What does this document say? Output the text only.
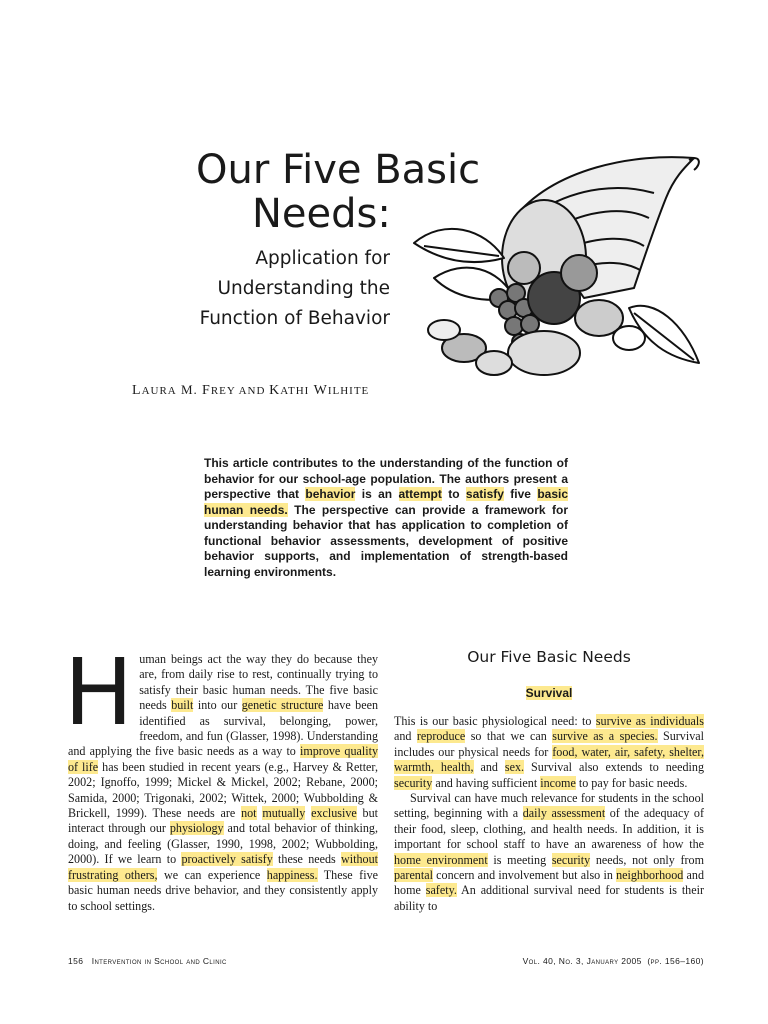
Our Five Basic
Needs:
Application for
Understanding the
Function of Behavior
LAURA M. FREY AND KATHI WILHITE
This article contributes to the understanding of the function of behavior for our school-age population. The authors present a perspective that behavior is an attempt to satisfy five basic human needs. The perspective can provide a framework for understanding behavior that has application to completion of functional behavior assessments, development of positive behavior supports, and implementation of strength-based learning environments.

Human beings act the way they do because they are, from daily rise to rest, continually trying to satisfy their basic human needs. The five basic needs built into our genetic structure have been identified as survival, belonging, power, freedom, and fun (Glasser, 1998). Understanding and applying the five basic needs as a way to improve quality of life has been studied in recent years (e.g., Harvey & Retter, 2002; Ignoffo, 1999; Mickel & Mickel, 2002; Rebane, 2000; Samida, 2000; Trigonaki, 2002; Wittek, 2000; Wubbolding & Brickell, 1999). These needs are not mutually exclusive but interact through our physiology and total behavior of thinking, doing, and feeling (Glasser, 1990, 1998, 2002; Wubbolding, 2000). If we learn to proactively satisfy these needs without frustrating others, we can experience happiness. These five basic human needs drive behavior, and they consistently apply to school settings.

Our Five Basic Needs
Survival

This is our basic physiological need: to survive as individuals and reproduce so that we can survive as a species. Survival includes our physical needs for food, water, air, safety, shelter, warmth, health, and sex. Survival also extends to needing security and having sufficient income to pay for basic needs.

Survival can have much relevance for students in the school setting, beginning with a daily assessment of the adequacy of their food, sleep, clothing, and health needs. In addition, it is important for school staff to have an awareness of how the home environment is meeting security needs, not only from parental concern and involvement but also in neighborhood and home safety. An additional survival need for students is their ability to

156 Intervention in School and Clinic	Vol. 40, No. 3, January 2005 (pp. 156–160)
